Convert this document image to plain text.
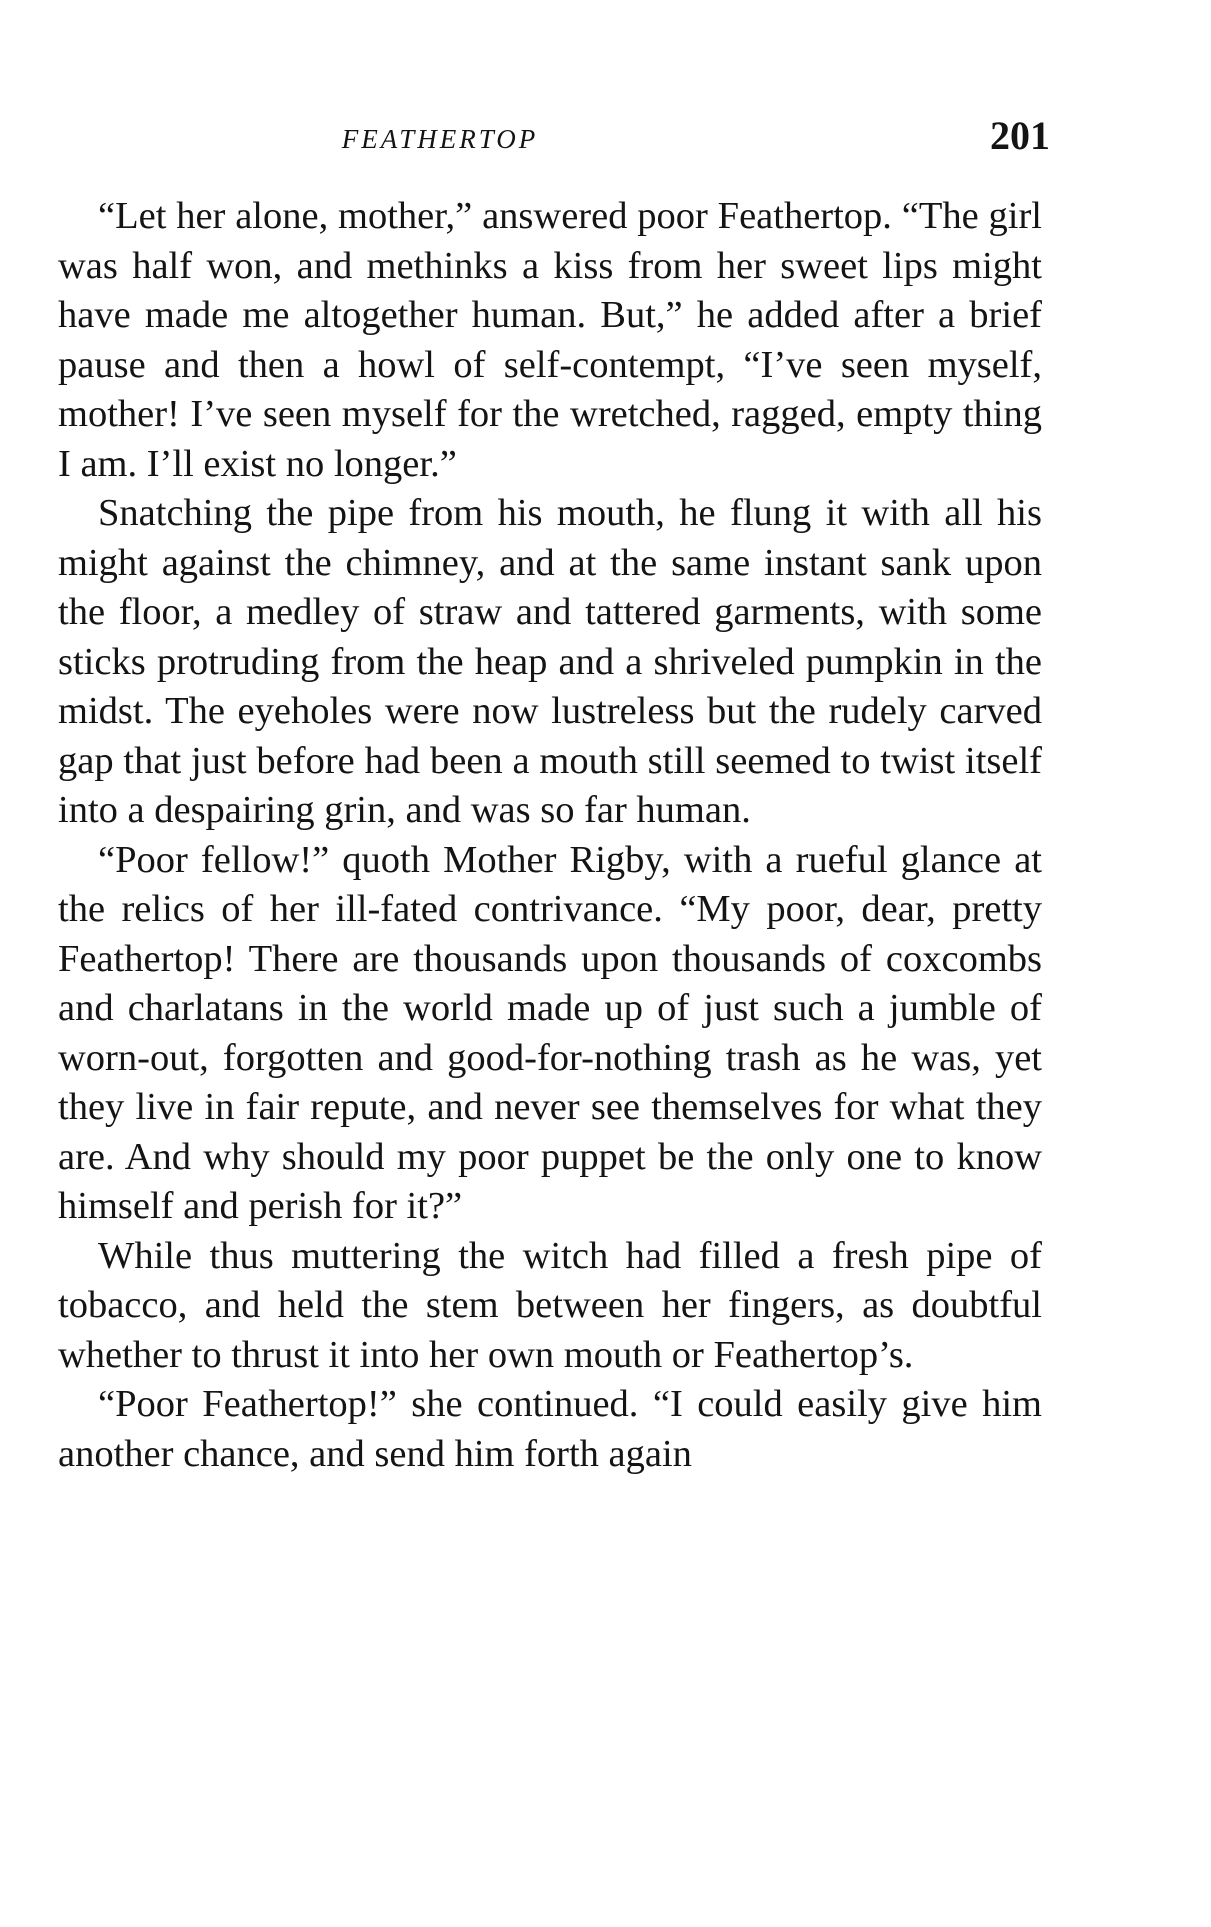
FEATHERTOP	201

“Let her alone, mother,” answered poor Feathertop. “The girl was half won, and methinks a kiss from her sweet lips might have made me altogether human. But,” he added after a brief pause and then a howl of self-contempt, “I’ve seen myself, mother! I’ve seen myself for the wretched, ragged, empty thing I am. I’ll exist no longer.”

Snatching the pipe from his mouth, he flung it with all his might against the chimney, and at the same instant sank upon the floor, a medley of straw and tattered garments, with some sticks protruding from the heap and a shriveled pumpkin in the midst. The eyeholes were now lustreless but the rudely carved gap that just before had been a mouth still seemed to twist itself into a despairing grin, and was so far human.

“Poor fellow!” quoth Mother Rigby, with a rueful glance at the relics of her ill-fated contrivance. “My poor, dear, pretty Feathertop! There are thousands upon thousands of coxcombs and charlatans in the world made up of just such a jumble of worn-out, forgotten and good-for-nothing trash as he was, yet they live in fair repute, and never see themselves for what they are. And why should my poor puppet be the only one to know himself and perish for it?”

While thus muttering the witch had filled a fresh pipe of tobacco, and held the stem between her fingers, as doubtful whether to thrust it into her own mouth or Feathertop’s.

“Poor Feathertop!” she continued. “I could easily give him another chance, and send him forth again
